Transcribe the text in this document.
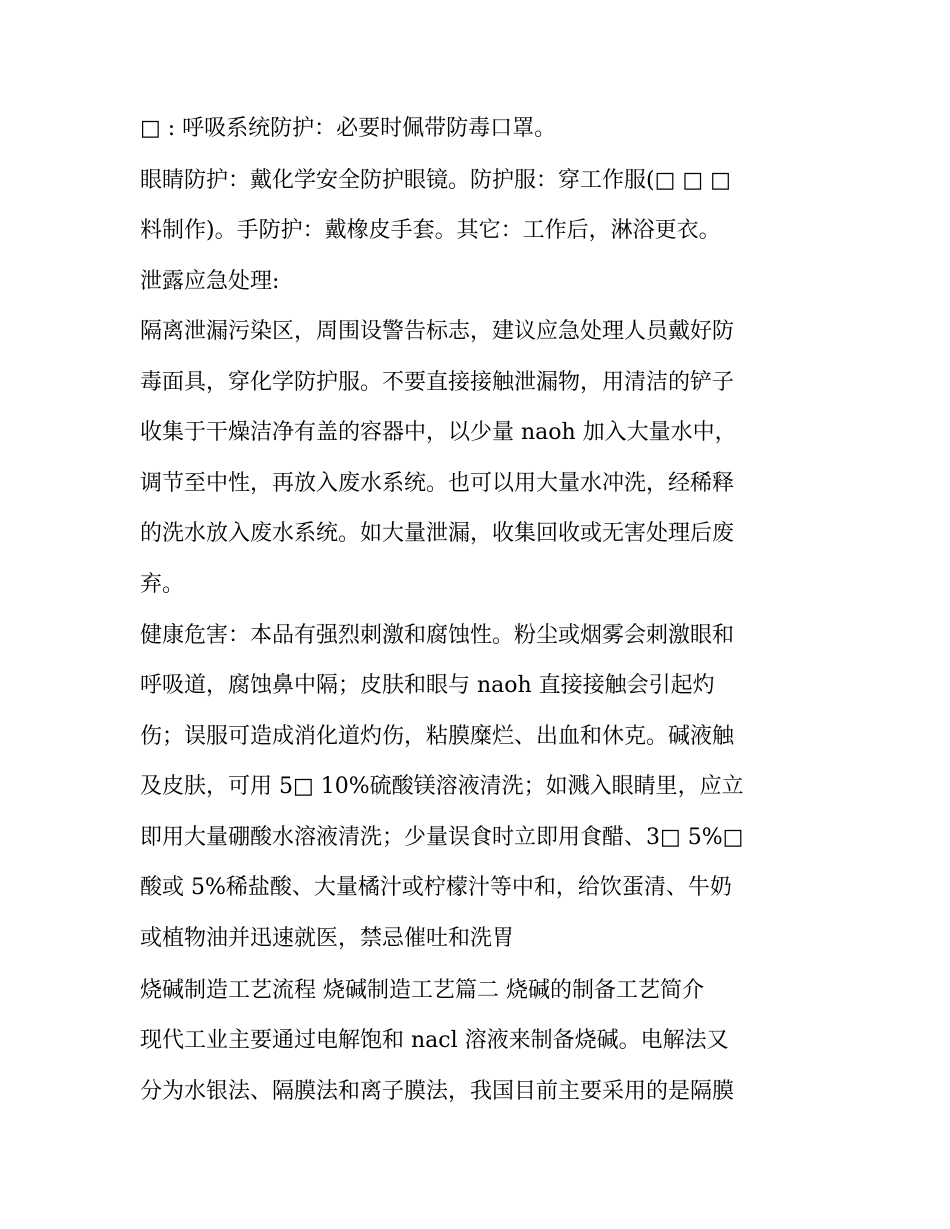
□ : 呼吸系统防护：必要时佩带防毒口罩。
眼睛防护：戴化学安全防护眼镜。防护服：穿工作服(□ □ □
料制作)。手防护：戴橡皮手套。其它：工作后，淋浴更衣。
泄露应急处理:
隔离泄漏污染区，周围设警告标志，建议应急处理人员戴好防
毒面具，穿化学防护服。不要直接接触泄漏物，用清洁的铲子
收集于干燥洁净有盖的容器中，以少量 naoh 加入大量水中，
调节至中性，再放入废水系统。也可以用大量水冲洗，经稀释
的洗水放入废水系统。如大量泄漏，收集回收或无害处理后废
弃。
健康危害：本品有强烈刺激和腐蚀性。粉尘或烟雾会刺激眼和
呼吸道，腐蚀鼻中隔；皮肤和眼与 naoh 直接接触会引起灼
伤；误服可造成消化道灼伤，粘膜糜烂、出血和休克。碱液触
及皮肤，可用 5□ 10%硫酸镁溶液清洗；如溅入眼睛里，应立
即用大量硼酸水溶液清洗；少量误食时立即用食醋、3□ 5%□
酸或 5%稀盐酸、大量橘汁或柠檬汁等中和，给饮蛋清、牛奶
或植物油并迅速就医，禁忌催吐和洗胃
烧碱制造工艺流程 烧碱制造工艺篇二 烧碱的制备工艺简介
现代工业主要通过电解饱和 nacl 溶液来制备烧碱。电解法又
分为水银法、隔膜法和离子膜法，我国目前主要采用的是隔膜
